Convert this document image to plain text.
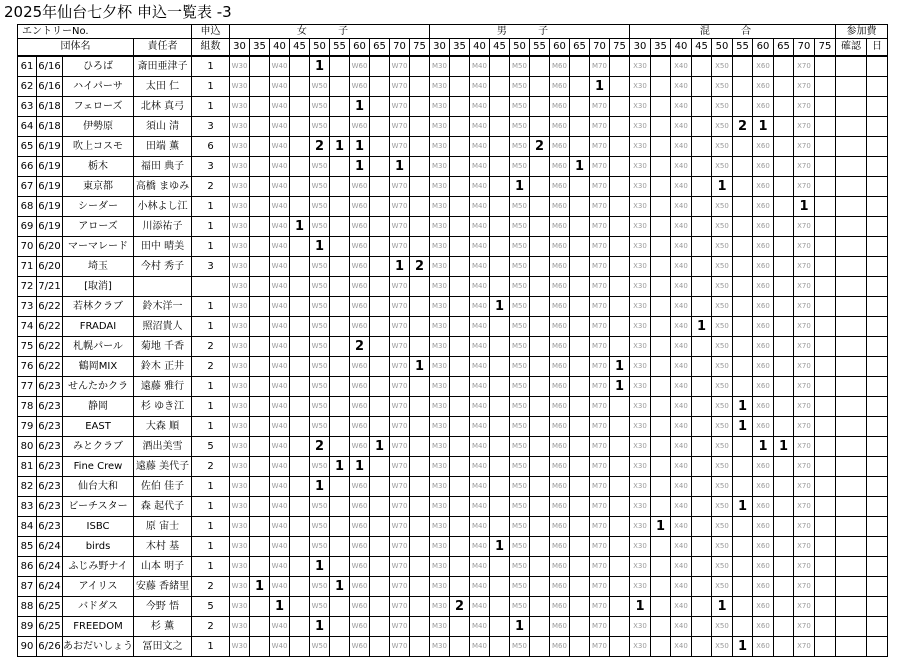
2025年仙台七夕杯 申込一覧表 -3
エントリーNo.				申込	女 子										男 子										混 合										参加費	
団体名			責任者	組数	30	35	40	45	50	55	60	65	70	75	30	35	40	45	50	55	60	65	70	75	30	35	40	45	50	55	60	65	70	75	確認	日
61	6/16	ひろば	斎田亜津子	1	W30		W40		1		W60		W70		M30		M40		M50		M60		M70		X30		X40		X50		X60		X70			

62	6/16	ハイパーサ	太田 仁	1	W30		W40		W50		W60		W70		M30		M40		M50		M60		1		X30		X40		X50		X60		X70			

63	6/18	フェローズ	北林 真弓	1	W30		W40		W50		1		W70		M30		M40		M50		M60		M70		X30		X40		X50		X60		X70			

64	6/18	伊勢原	須山 清	3	W30		W40		W50		W60		W70		M30		M40		M50		M60		M70		X30		X40		X50	2	1		X70			

65	6/19	吹上コスモ	田端 薫	6	W30		W40		2	1	1		W70		M30		M40		M50	2	M60		M70		X30		X40		X50		X60		X70			

66	6/19	栃木	福田 典子	3	W30		W40		W50		1		1		M30		M40		M50		M60	1	M70		X30		X40		X50		X60		X70			

67	6/19	東京都	高橋 まゆみ	2	W30		W40		W50		W60		W70		M30		M40		1		M60		M70		X30		X40		1		X60		X70			

68	6/19	シーダー	小林よし江	1	W30		W40		W50		W60		W70		M30		M40		M50		M60		M70		X30		X40		X50		X60		1			

69	6/19	アローズ	川添祐子	1	W30		W40	1	W50		W60		W70		M30		M40		M50		M60		M70		X30		X40		X50		X60		X70			

70	6/20	マーマレード	田中 晴美	1	W30		W40		1		W60		W70		M30		M40		M50		M60		M70		X30		X40		X50		X60		X70			

71	6/20	埼玉	今村 秀子	3	W30		W40		W50		W60		1	2	M30		M40		M50		M60		M70		X30		X40		X50		X60		X70			

72	7/21	[取消]			W30		W40		W50		W60		W70		M30		M40		M50		M60		M70		X30		X40		X50		X60		X70			

73	6/22	若林クラブ	鈴木洋一	1	W30		W40		W50		W60		W70		M30		M40	1	M50		M60		M70		X30		X40		X50		X60		X70			

74	6/22	FRADAI	照沼貴人	1	W30		W40		W50		W60		W70		M30		M40		M50		M60		M70		X30		X40	1	X50		X60		X70			

75	6/22	札幌パール	菊地 千香	2	W30		W40		W50		2		W70		M30		M40		M50		M60		M70		X30		X40		X50		X60		X70			

76	6/22	鶴岡MIX	鈴木 正井	2	W30		W40		W50		W60		W70	1	M30		M40		M50		M60		M70	1	X30		X40		X50		X60		X70			

77	6/23	せんたかクラ	遠藤 雅行	1	W30		W40		W50		W60		W70		M30		M40		M50		M60		M70	1	X30		X40		X50		X60		X70			

78	6/23	静岡	杉 ゆき江	1	W30		W40		W50		W60		W70		M30		M40		M50		M60		M70		X30		X40		X50	1	X60		X70			

79	6/23	EAST	大森 順	1	W30		W40		W50		W60		W70		M30		M40		M50		M60		M70		X30		X40		X50	1	X60		X70			

80	6/23	みとクラブ	酒出美雪	5	W30		W40		2		W60	1	W70		M30		M40		M50		M60		M70		X30		X40		X50		1	1	X70			

81	6/23	Fine Crew	遠藤 美代子	2	W30		W40		W50	1	1		W70		M30		M40		M50		M60		M70		X30		X40		X50		X60		X70			

82	6/23	仙台大和	佐伯 佳子	1	W30		W40		1		W60		W70		M30		M40		M50		M60		M70		X30		X40		X50		X60		X70			

83	6/23	ビーチスター	森 起代子	1	W30		W40		W50		W60		W70		M30		M40		M50		M60		M70		X30		X40		X50	1	X60		X70			

84	6/23	ISBC	原 宙士	1	W30		W40		W50		W60		W70		M30		M40		M50		M60		M70		X30	1	X40		X50		X60		X70			

85	6/24	birds	木村 基	1	W30		W40		W50		W60		W70		M30		M40	1	M50		M60		M70		X30		X40		X50		X60		X70			

86	6/24	ふじみ野ナイ	山本 明子	1	W30		W40		1		W60		W70		M30		M40		M50		M60		M70		X30		X40		X50		X60		X70			

87	6/24	アイリス	安藤 香緒里	2	W30	1	W40		W50	1	W60		W70		M30		M40		M50		M60		M70		X30		X40		X50		X60		X70			

88	6/25	バドダス	今野 悟	5	W30		1		W50		W60		W70		M30	2	M40		M50		M60		M70		1		X40		1		X60		X70			

89	6/25	FREEDOM	杉 薫	2	W30		W40		1		W60		W70		M30		M40		1		M60		M70		X30		X40		X50		X60		X70			

90	6/26	あおだいしょう	冨田文之	1	W30		W40		W50		W60		W70		M30		M40		M50		M60		M70		X30		X40		X50	1	X60		X70			
